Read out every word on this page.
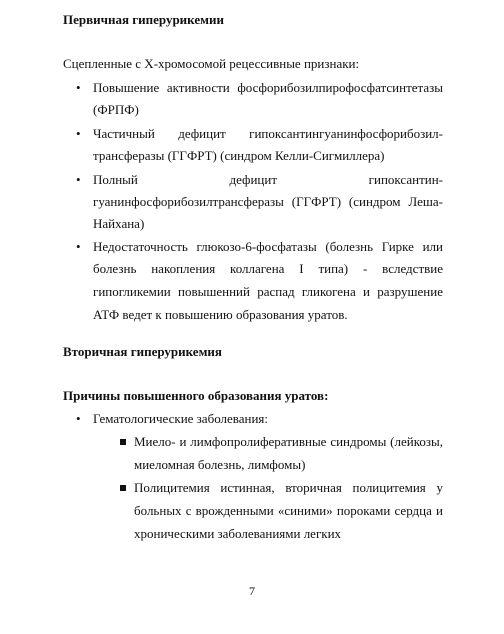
Первичная гиперурикемии
Сцепленные с Х-хромосомой рецессивные признаки:
• Повышение активности фосфорибозилпирофосфатсинтетазы
(ФРПФ)
• Частичный дефицит гипоксантингуанинфосфорибозил-
трансферазы (ГГФРТ) (синдром Келли-Сигмиллера)
• Полный	дефицит	гипоксантин-
гуанинфосфорибозилтрансферазы (ГГФРТ) (синдром Леша-
Найхана)
• Недостаточность глюкозо-6-фосфатазы (болезнь Гирке или
болезнь накопления коллагена I типа) - вследствие
гипогликемии повышенний распад гликогена и разрушение
АТФ ведет к повышению образования уратов.
Вторичная гиперурикемия
Причины повышенного образования уратов:
• Гематологические заболевания:
Миело- и лимфопролиферативные синдромы (лейкозы,
миеломная болезнь, лимфомы)
Полицитемия истинная, вторичная полицитемия у
больных с врожденными «синими» пороками сердца и
хроническими заболеваниями легких
7
